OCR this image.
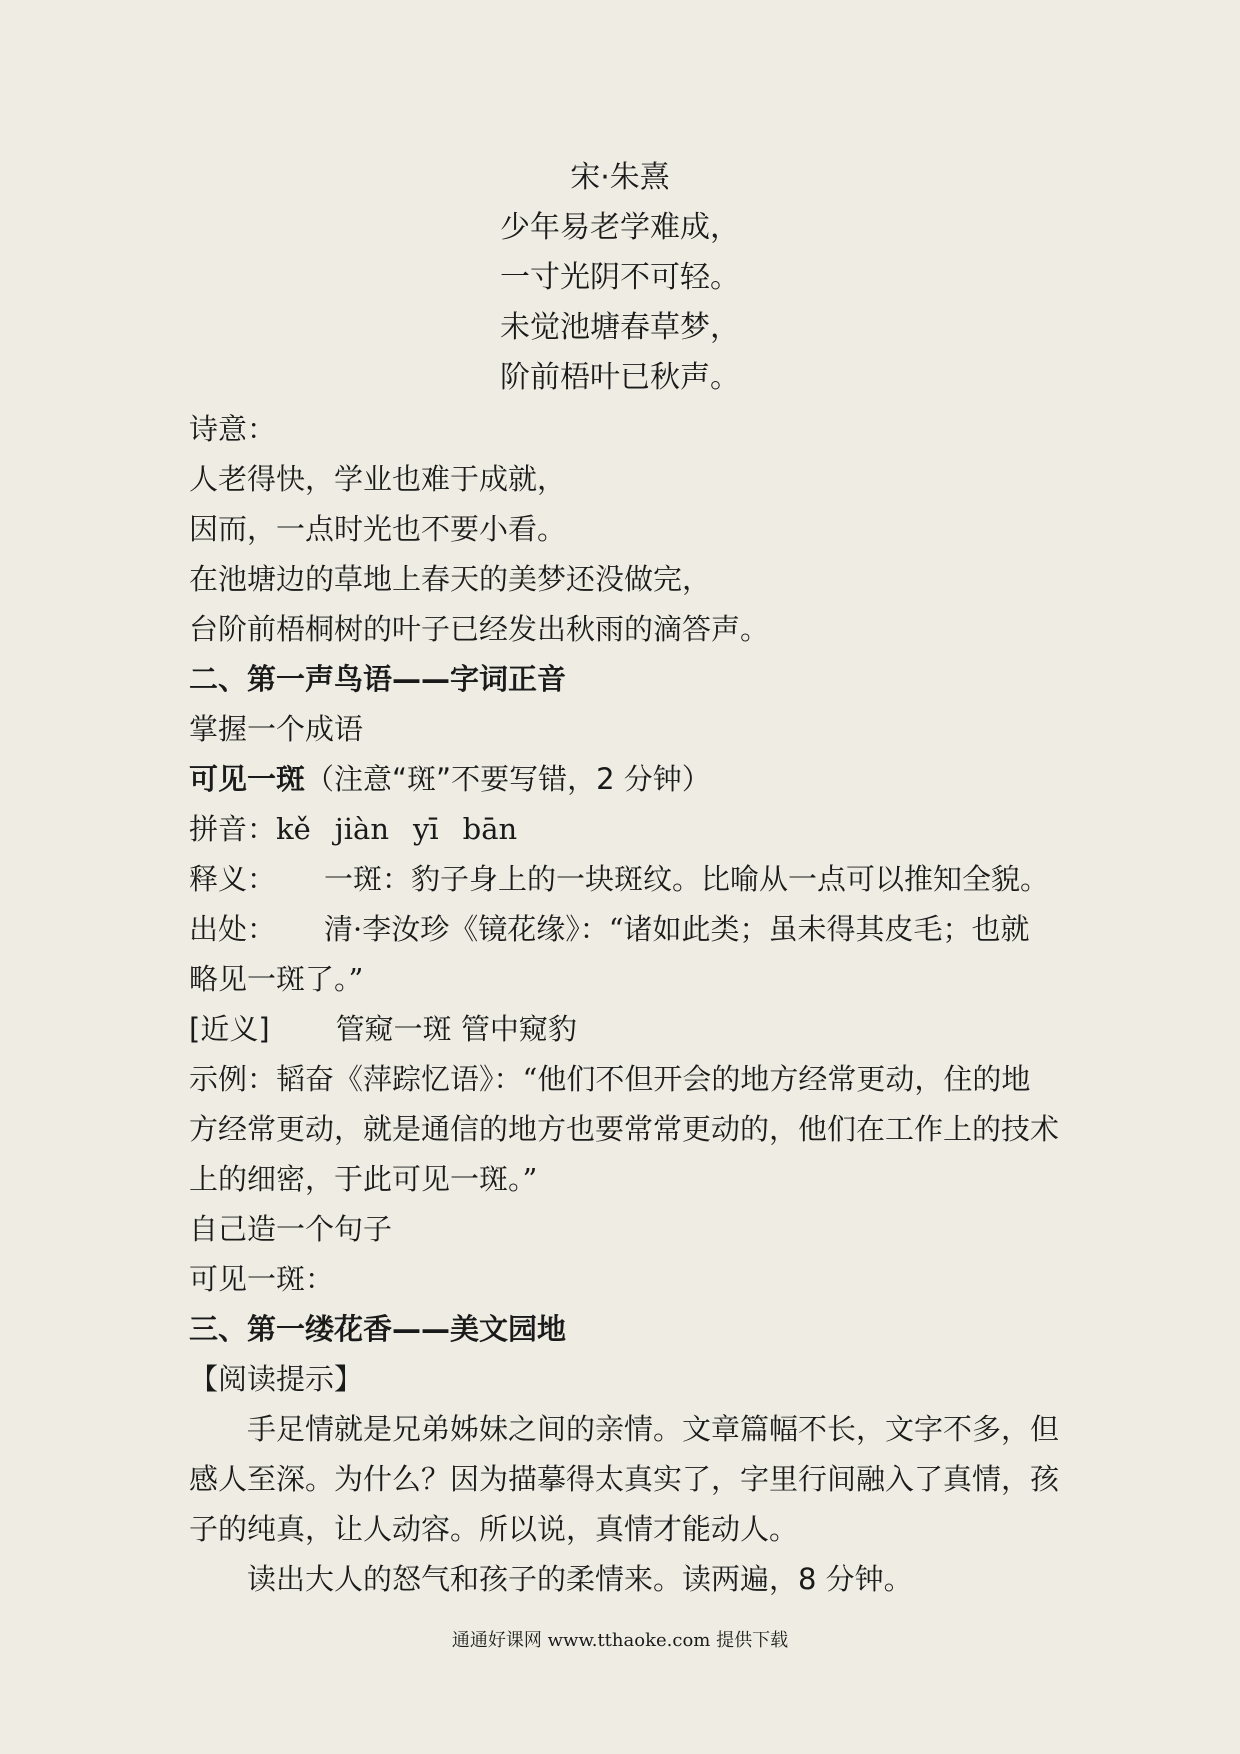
宋·朱熹
少年易老学难成，
一寸光阴不可轻。
未觉池塘春草梦，
阶前梧叶已秋声。
诗意：
人老得快，学业也难于成就，
因而，一点时光也不要小看。
在池塘边的草地上春天的美梦还没做完，
台阶前梧桐树的叶子已经发出秋雨的滴答声。
二、第一声鸟语——字词正音
掌握一个成语
可见一斑（注意“斑”不要写错，2 分钟）
拼音：kě jiàn yī bān
释义： 一斑：豹子身上的一块斑纹。比喻从一点可以推知全貌。
出处： 清·李汝珍《镜花缘》：“诸如此类；虽未得其皮毛；也就
略见一斑了。”
[近义] 管窥一斑 管中窥豹
示例：韬奋《萍踪忆语》：“他们不但开会的地方经常更动，住的地
方经常更动，就是通信的地方也要常常更动的，他们在工作上的技术
上的细密，于此可见一斑。”
自己造一个句子
可见一斑：
三、第一缕花香——美文园地
【阅读提示】
手足情就是兄弟姊妹之间的亲情。文章篇幅不长，文字不多，但
感人至深。为什么？因为描摹得太真实了，字里行间融入了真情，孩
子的纯真，让人动容。所以说，真情才能动人。
读出大人的怒气和孩子的柔情来。读两遍，8 分钟。
通通好课网 www.tthaoke.com 提供下载
